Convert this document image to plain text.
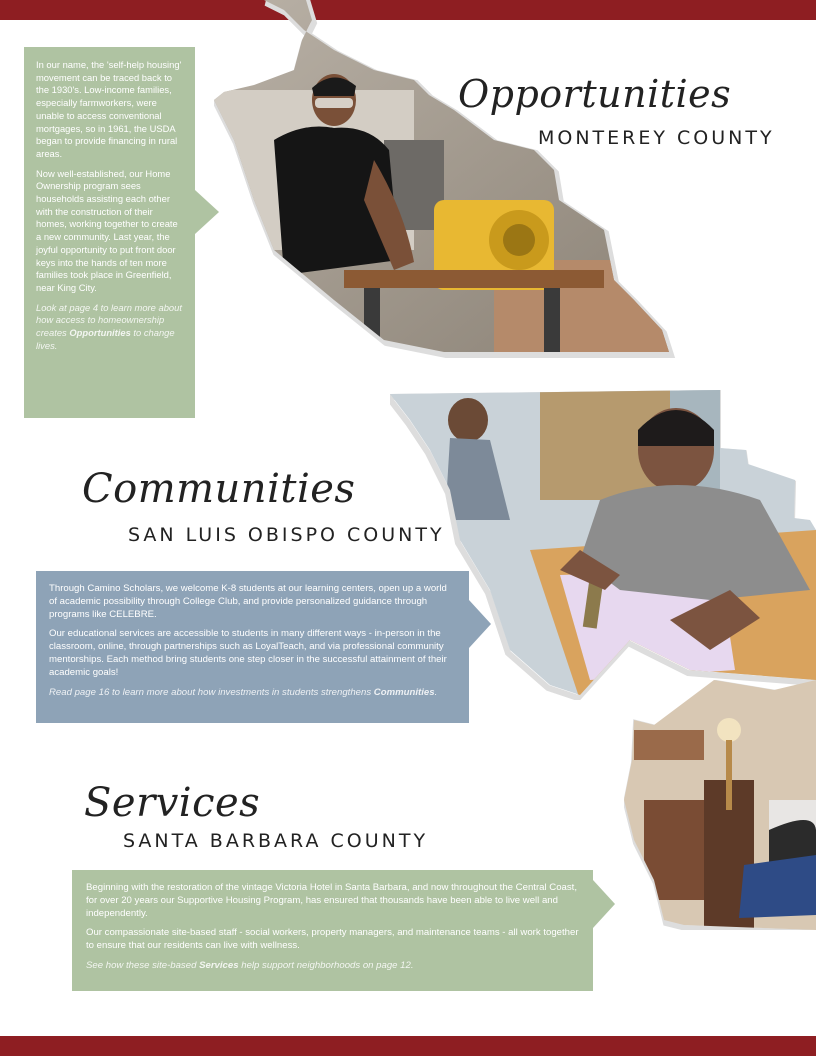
In our name, the 'self-help housing' movement can be traced back to the 1930's. Low-income families, especially farmworkers, were unable to access conventional mortgages, so in 1961, the USDA began to provide financing in rural areas.

Now well-established, our Home Ownership program sees households assisting each other with the construction of their homes, working together to create a new community. Last year, the joyful opportunity to put front door keys into the hands of ten more families took place in Greenfield, near King City.

Look at page 4 to learn more about how access to homeownership creates Opportunities to change lives.

Opportunities
MONTEREY COUNTY
Communities
SAN LUIS OBISPO COUNTY

Through Camino Scholars, we welcome K-8 students at our learning centers, open up a world of academic possibility through College Club, and provide personalized guidance through programs like CELEBRE.

Our educational services are accessible to students in many different ways - in-person in the classroom, online, through partnerships such as LoyalTeach, and via professional community mentorships. Each method bring students one step closer in the successful attainment of their academic goals!

Read page 16 to learn more about how investments in students strengthens Communities.

Services
SANTA BARBARA COUNTY

Beginning with the restoration of the vintage Victoria Hotel in Santa Barbara, and now throughout the Central Coast, for over 20 years our Supportive Housing Program, has ensured that thousands have been able to live well and independently.

Our compassionate site-based staff - social workers, property managers, and maintenance teams - all work together to ensure that our residents can live with wellness.

See how these site-based Services help support neighborhoods on page 12.
